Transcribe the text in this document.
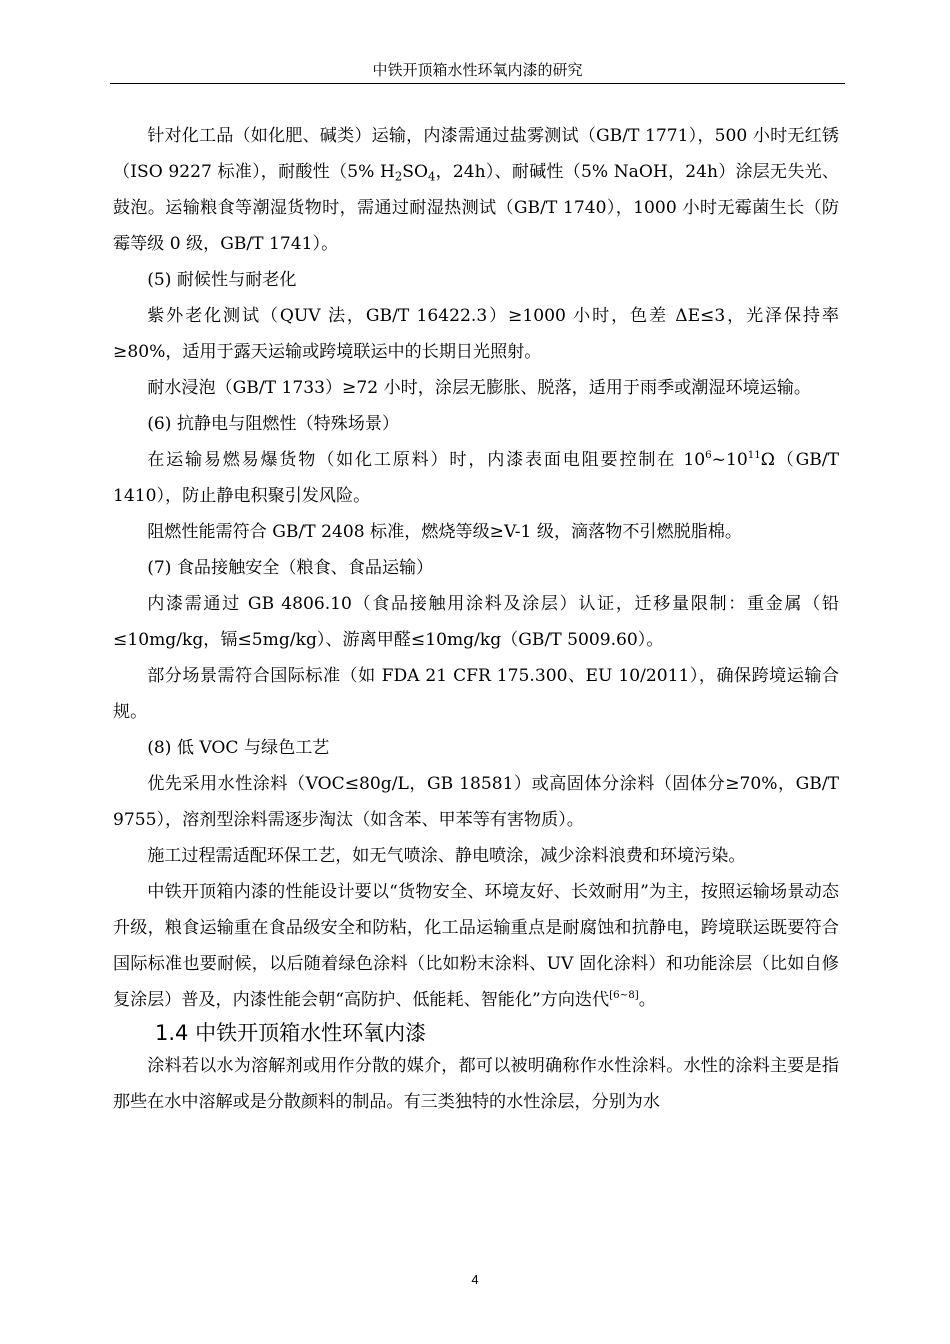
中铁开顶箱水性环氧内漆的研究

针对化工品（如化肥、碱类）运输，内漆需通过盐雾测试（GB/T 1771），500 小时无红锈（ISO 9227 标准），耐酸性（5% $H_2SO_4$，24h）、耐碱性（5% NaOH，24h）涂层无失光、鼓泡。运输粮食等潮湿货物时，需通过耐湿热测试（GB/T 1740），1000 小时无霉菌生长（防霉等级 0 级，GB/T 1741）。

(5) 耐候性与耐老化

紫外老化测试（QUV 法，GB/T 16422.3）≥1000 小时，色差 ΔE≤3，光泽保持率≥80%，适用于露天运输或跨境联运中的长期日光照射。

耐水浸泡（GB/T 1733）≥72 小时，涂层无膨胀、脱落，适用于雨季或潮湿环境运输。

(6) 抗静电与阻燃性（特殊场景）

在运输易燃易爆货物（如化工原料）时，内漆表面电阻要控制在 $10^6\sim 10^{11}\Omega(GB/T$ 1410），防止静电积聚引发风险。

阻燃性能需符合 GB/T 2408 标准，燃烧等级≥V-1 级，滴落物不引燃脱脂棉。

(7) 食品接触安全（粮食、食品运输）

内漆需通过 GB 4806.10（食品接触用涂料及涂层）认证，迁移量限制：重金属（铅≤10mg/kg，镉≤5mg/kg）、游离甲醛≤10mg/kg（GB/T 5009.60）。

部分场景需符合国际标准（如 FDA 21 CFR 175.300、EU 10/2011），确保跨境运输合规。

(8) 低 VOC 与绿色工艺

优先采用水性涂料（VOC≤80g/L，GB 18581）或高固体分涂料（固体分≥70%，GB/T 9755），溶剂型涂料需逐步淘汰（如含苯、甲苯等有害物质）。

施工过程需适配环保工艺，如无气喷涂、静电喷涂，减少涂料浪费和环境污染。

中铁开顶箱内漆的性能设计要以“货物安全、环境友好、长效耐用”为主，按照运输场景动态升级，粮食运输重在食品级安全和防粘，化工品运输重点是耐腐蚀和抗静电，跨境联运既要符合国际标准也要耐候，以后随着绿色涂料（比如粉末涂料、UV 固化涂料）和功能涂层（比如自修复涂层）普及，内漆性能会朝“高防护、低能耗、智能化”方向迭代[6~8]。

1.4 中铁开顶箱水性环氧内漆

涂料若以水为溶解剂或用作分散的媒介，都可以被明确称作水性涂料。水性的涂料主要是指那些在水中溶解或是分散颜料的制品。有三类独特的水性涂层，分别为水

4
